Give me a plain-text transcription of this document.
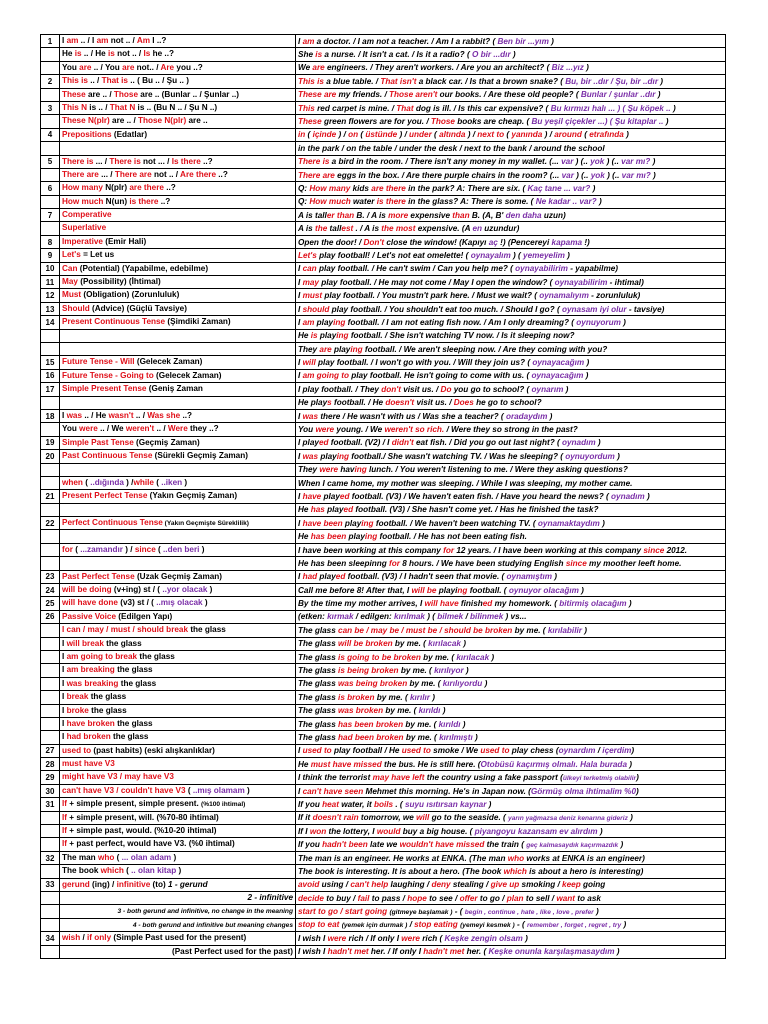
1	I am .. / I am not .. / Am I ..?	I am a doctor. / I am not a teacher. / Am I a rabbit? ( Ben bir ...yım )
	He is .. / He is not .. / Is he ..?	She is a nurse. / It isn't a cat. / Is it a radio? ( O bir ...dır )
	You are .. / You are not.. / Are you ..?	We are engineers. / They aren't workers. / Are you an architect? ( Biz ...yız )
2	This is .. / That is .. ( Bu .. / Şu .. )	This is a blue table. / That isn't a black car. / Is that a brown snake? ( Bu, bir ..dır / Şu, bir ..dır )
	These are .. / Those are .. (Bunlar .. / Şunlar ..)	These are my friends. / Those aren't our books. / Are these old people? ( Bunlar / şunlar ..dır )
3	This N is .. / That N is .. (Bu N .. / Şu N ..)	This red carpet is mine. / That dog is ill. / Is this car expensive? ( Bu kırmızı halı ... ) ( Şu köpek .. )
	These N(plr) are .. / Those N(plr) are ..	These green flowers are for you. / Those books are cheap. ( Bu yeşil çiçekler ...) ( Şu kitaplar .. )
4	Prepositions (Edatlar)	in ( içinde ) / on ( üstünde ) / under ( altında ) / next to ( yanında ) / around ( etrafında )
		in the park / on the table / under the desk / next to the bank / around the school
5	There is ... / There is not ... / Is there ..?	There is a bird in the room. / There isn't any money in my wallet. (... var ) (.. yok ) (.. var mı? )
	There are ... / There are not .. / Are there ..?	There are eggs in the box. / Are there purple chairs in the room? (... var ) (.. yok ) (.. var mı? )
6	How many N(plr) are there ..?	Q: How many kids are there in the park? A: There are six. ( Kaç tane ... var? )
	How much N(un) is there ..?	Q: How much water is there in the glass? A: There is some. ( Ne kadar .. var? )
7	Comperative	A is taller than B. / A is more expensive than B. (A, B' den daha uzun)
	Superlative	A is the tallest . / A is the most expensive. (A en uzundur)
8	Imperative (Emir Hali)	Open the door! / Don't close the window! (Kapıyı aç !) (Pencereyi kapama !)
9	Let's = Let us	Let's play football! / Let's not eat omelette! ( oynayalım ) ( yemeyelim )
10	Can (Potential) (Yapabilme, edebilme)	I can play football. / He can't swim / Can you help me? ( oynayabilirim - yapabilme)
11	May (Possibility) (İhtimal)	I may play football. / He may not come / May I open the window? ( oynayabilirim - ihtimal)
12	Must (Obligation) (Zorunluluk)	I must play football. / You mustn't park here. / Must we wait? ( oynamalıyım - zorunluluk)
13	Should (Advice) (Güçlü Tavsiye)	I should play football. / You shouldn't eat too much. / Should I go? ( oynasam iyi olur - tavsiye)
14	Present Continuous Tense (Şimdiki Zaman)	I am playing football. / I am not eating fish now. / Am I only dreaming? ( oynuyorum )
		He is playing football. / She isn't watching TV now. / Is it sleeping now?
		They are playing football. / We aren't sleeping now. / Are they coming with you?
15	Future Tense - Will (Gelecek Zaman)	I will play football. / I won't go with you. / Will they join us? ( oynayacağım )
16	Future Tense - Going to (Gelecek Zaman)	I am going to play football. He isn't going to come with us. ( oynayacağım )
17	Simple Present Tense (Geniş Zaman	I play football. / They don't visit us. / Do you go to school? ( oynarım )
		He plays football. / He doesn't visit us. / Does he go to school?
18	I was .. / He wasn't .. / Was she ..?	I was there / He wasn't with us / Was she a teacher? ( oradaydım )
	You were .. / We weren't .. / Were they ..?	You were young. / We weren't so rich. / Were they so strong in the past?
19	Simple Past Tense (Geçmiş Zaman)	I played football. (V2) / I didn't eat fish. / Did you go out last night? ( oynadım )
20	Past Continuous Tense (Sürekli Geçmiş Zaman)	I was playing football./ She wasn't watching TV. / Was he sleeping? ( oynuyordum )
		They were having lunch. / You weren't listening to me. / Were they asking questions?
	when ( ..dığında ) /while ( ..iken )	When I came home, my mother was sleeping. / While I was sleeping, my mother came.
21	Present Perfect Tense (Yakın Geçmiş Zaman)	I have played football. (V3) / We haven't eaten fish. / Have you heard the news? ( oynadım )
		He has played football. (V3) / She hasn't come yet. / Has he finished the task?
22	Perfect Continuous Tense (Yakın Geçmişte Süreklilik)	I have been playing football. / We haven't been watching TV. ( oynamaktaydım )
		He has been playing football. / He has not been eating fish.
	for ( ...zamandır ) / since ( ..den beri )	I have been working at this company for 12 years. / I have been working at this company since 2012.
		He has been sleepinng for 8 hours. / We have been studying English since my moother leeft home.
23	Past Perfect Tense (Uzak Geçmiş Zaman)	I had played football. (V3) / I hadn't seen that movie. ( oynamıştım )
24	will be doing (v+ing) st / ( ..yor olacak )	Call me before 8! After that, I will be playing football. ( oynuyor olacağım )
25	will have done (v3) st / ( ..mış olacak )	By the time my mother arrives, I will have finished my homework. ( bitirmiş olacağım )
26	Passive Voice (Edilgen Yapı)	(etken: kırmak / edilgen: kırılmak ) ( bilmek / bilinmek ) vs...
	I can / may / must / should break the glass	The glass can be / may be / must be / should be broken by me. ( kırılabilir )
	I will break the glass	The glass will be broken by me. ( kırılacak )
	I am going to break the glass	The glass is going to be broken by me. ( kırılacak )
	I am breaking the glass	The glass is being broken by me. ( kırılıyor )
	I was breaking the glass	The glass was being broken by me. ( kırılıyordu )
	I break the glass	The glass is broken by me. ( kırılır )
	I broke the glass	The glass was broken by me. ( kırıldı )
	I have broken the glass	The glass has been broken by me. ( kırıldı )
	I had broken the glass	The glass had been broken by me. ( kırılmıştı )
27	used to (past habits) (eski alışkanlıklar)	I used to play football / He used to smoke / We used to play chess (oynardım / içerdim)
28	must have V3	He must have missed the bus. He is still here. (Otobüsü kaçırmış olmalı. Hala burada )
29	might have V3 / may have V3	I think the terrorist may have left the country using a fake passport (ülkeyi terketmiş olabilir)
30	can't have V3 / couldn't have V3 ( ..mış olamam )	I can't have seen Mehmet this morning. He's in Japan now. (Görmüş olma ihtimalim %0)
31	If + simple present, simple present. (%100 ihtimal)	If you heat water, it boils . ( suyu ısıtırsan kaynar )
	If + simple present, will. (%70-80 ihtimal)	If it doesn't rain tomorrow, we will go to the seaside. ( yarın yağmazsa deniz kenarına gideriz )
	If + simple past, would. (%10-20 ihtimal)	If I won the lottery, I would buy a big house. ( piyangoyu kazansam ev alırdım )
	If + past perfect, would have V3. (%0 ihtimal)	If you hadn't been late we wouldn't have missed the train ( geç kalmasaydık kaçırmazdık )
32	The man who ( ... olan adam )	The man is an engineer. He works at ENKA. (The man who works at ENKA is an engineer)
	The book which ( .. olan kitap )	The book is interesting. It is about a hero. (The book which is about a hero is interesting)
33	gerund (ing) / infinitive (to) 1 - gerund	avoid using / can't help laughing / deny stealing / give up smoking / keep going
	2 - infinitive	decide to buy / fail to pass / hope to see / offer to go / plan to sell / want to ask
	3 - both gerund and infinitive, no change in the meaning	start to go / start going (gitmeye başlamak ) - ( begin , continue , hate , like , love , prefer )
	4 - both gerund and infinitive but meaning changes	stop to eat (yemek için durmak ) / stop eating (yemeyi kesmek ) - ( remember , forget , regret , try )
34	wish / if only (Simple Past used for the present)	I wish I were rich / If only I were rich ( Keşke zengin olsam )
	(Past Perfect used for the past)	I wish I hadn't met her. / If only I hadn't met her. ( Keşke onunla karşılaşmasaydım )
